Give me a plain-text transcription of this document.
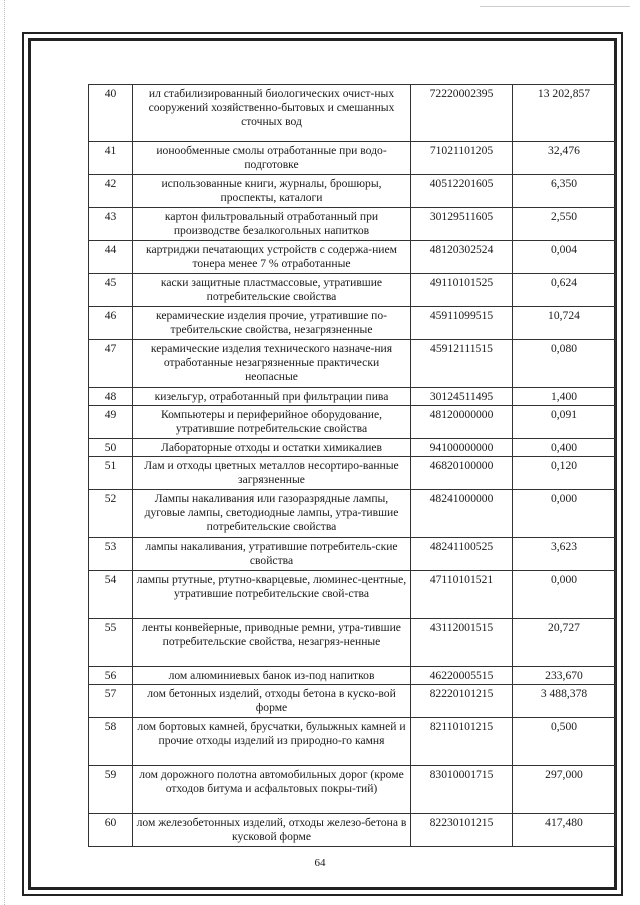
40	ил стабилизированный биологических очист-ных сооружений хозяйственно-бытовых и смешанных сточных вод	72220002395	13 202,857
41	ионообменные смолы отработанные при водо-подготовке	71021101205	32,476
42	использованные книги, журналы, брошюры, проспекты, каталоги	40512201605	6,350
43	картон фильтровальный отработанный при производстве безалкогольных напитков	30129511605	2,550
44	картриджи печатающих устройств с содержа-нием тонера менее 7 % отработанные	48120302524	0,004
45	каски защитные пластмассовые, утратившие потребительские свойства	49110101525	0,624
46	керамические изделия прочие, утратившие по-требительские свойства, незагрязненные	45911099515	10,724
47	керамические изделия технического назначе-ния отработанные незагрязненные практически неопасные	45912111515	0,080
48	кизельгур, отработанный при фильтрации пива	30124511495	1,400
49	Компьютеры и периферийное оборудование, утратившие потребительские свойства	48120000000	0,091
50	Лабораторные отходы и остатки химикалиев	94100000000	0,400
51	Лам и отходы цветных металлов несортиро-ванные загрязненные	46820100000	0,120
52	Лампы накаливания или газоразрядные лампы, дуговые лампы, светодиодные лампы, утра-тившие потребительские свойства	48241000000	0,000
53	лампы накаливания, утратившие потребитель-ские свойства	48241100525	3,623
54	лампы ртутные, ртутно-кварцевые, люминес-центные, утратившие потребительские свой-ства	47110101521	0,000
55	ленты конвейерные, приводные ремни, утра-тившие потребительские свойства, незагряз-ненные	43112001515	20,727
56	лом алюминиевых банок из-под напитков	46220005515	233,670
57	лом бетонных изделий, отходы бетона в куско-вой форме	82220101215	3 488,378
58	лом бортовых камней, брусчатки, булыжных камней и прочие отходы изделий из природно-го камня	82110101215	0,500
59	лом дорожного полотна автомобильных дорог (кроме отходов битума и асфальтовых покры-тий)	83010001715	297,000
60	лом железобетонных изделий, отходы железо-бетона в кусковой форме	82230101215	417,480
64
